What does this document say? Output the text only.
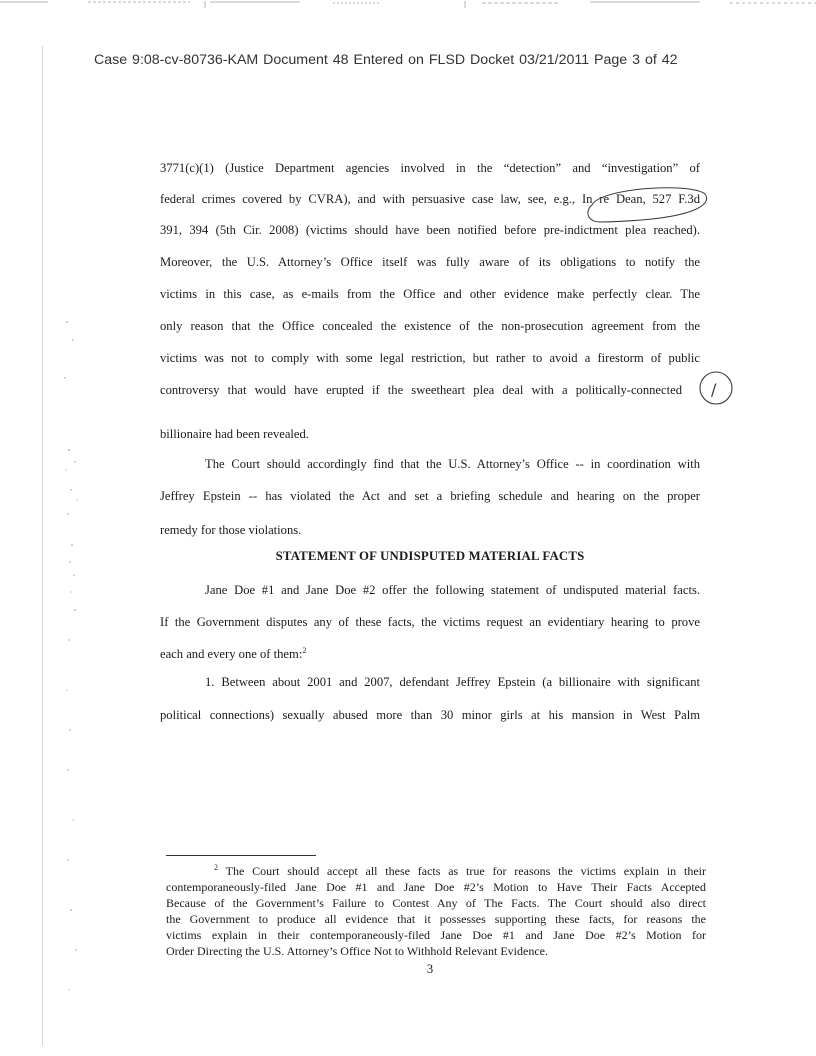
Case 9:08-cv-80736-KAM Document 48 Entered on FLSD Docket 03/21/2011 Page 3 of 42
3771(c)(1) (Justice Department agencies involved in the “detection” and “investigation” of
federal crimes covered by CVRA), and with persuasive case law, see, e.g., In re Dean, 527 F.3d
391, 394 (5th Cir. 2008) (victims should have been notified before pre-indictment plea reached).
Moreover, the U.S. Attorney’s Office itself was fully aware of its obligations to notify the
victims in this case, as e-mails from the Office and other evidence make perfectly clear. The
only reason that the Office concealed the existence of the non-prosecution agreement from the
victims was not to comply with some legal restriction, but rather to avoid a firestorm of public
controversy that would have erupted if the sweetheart plea deal with a politically-connected
billionaire had been revealed.
The Court should accordingly find that the U.S. Attorney’s Office -- in coordination with
Jeffrey Epstein -- has violated the Act and set a briefing schedule and hearing on the proper
remedy for those violations.
STATEMENT OF UNDISPUTED MATERIAL FACTS
Jane Doe #1 and Jane Doe #2 offer the following statement of undisputed material facts.
If the Government disputes any of these facts, the victims request an evidentiary hearing to prove
each and every one of them:$^2$
1. Between about 2001 and 2007, defendant Jeffrey Epstein (a billionaire with significant
political connections) sexually abused more than 30 minor girls at his mansion in West Palm
$^2$ The Court should accept all these facts as true for reasons the victims explain in their
contemporaneously-filed Jane Doe #1 and Jane Doe #2’s Motion to Have Their Facts Accepted
Because of the Government’s Failure to Contest Any of The Facts. The Court should also direct
the Government to produce all evidence that it possesses supporting these facts, for reasons the
victims explain in their contemporaneously-filed Jane Doe #1 and Jane Doe #2’s Motion for
Order Directing the U.S. Attorney’s Office Not to Withhold Relevant Evidence.
3
/
